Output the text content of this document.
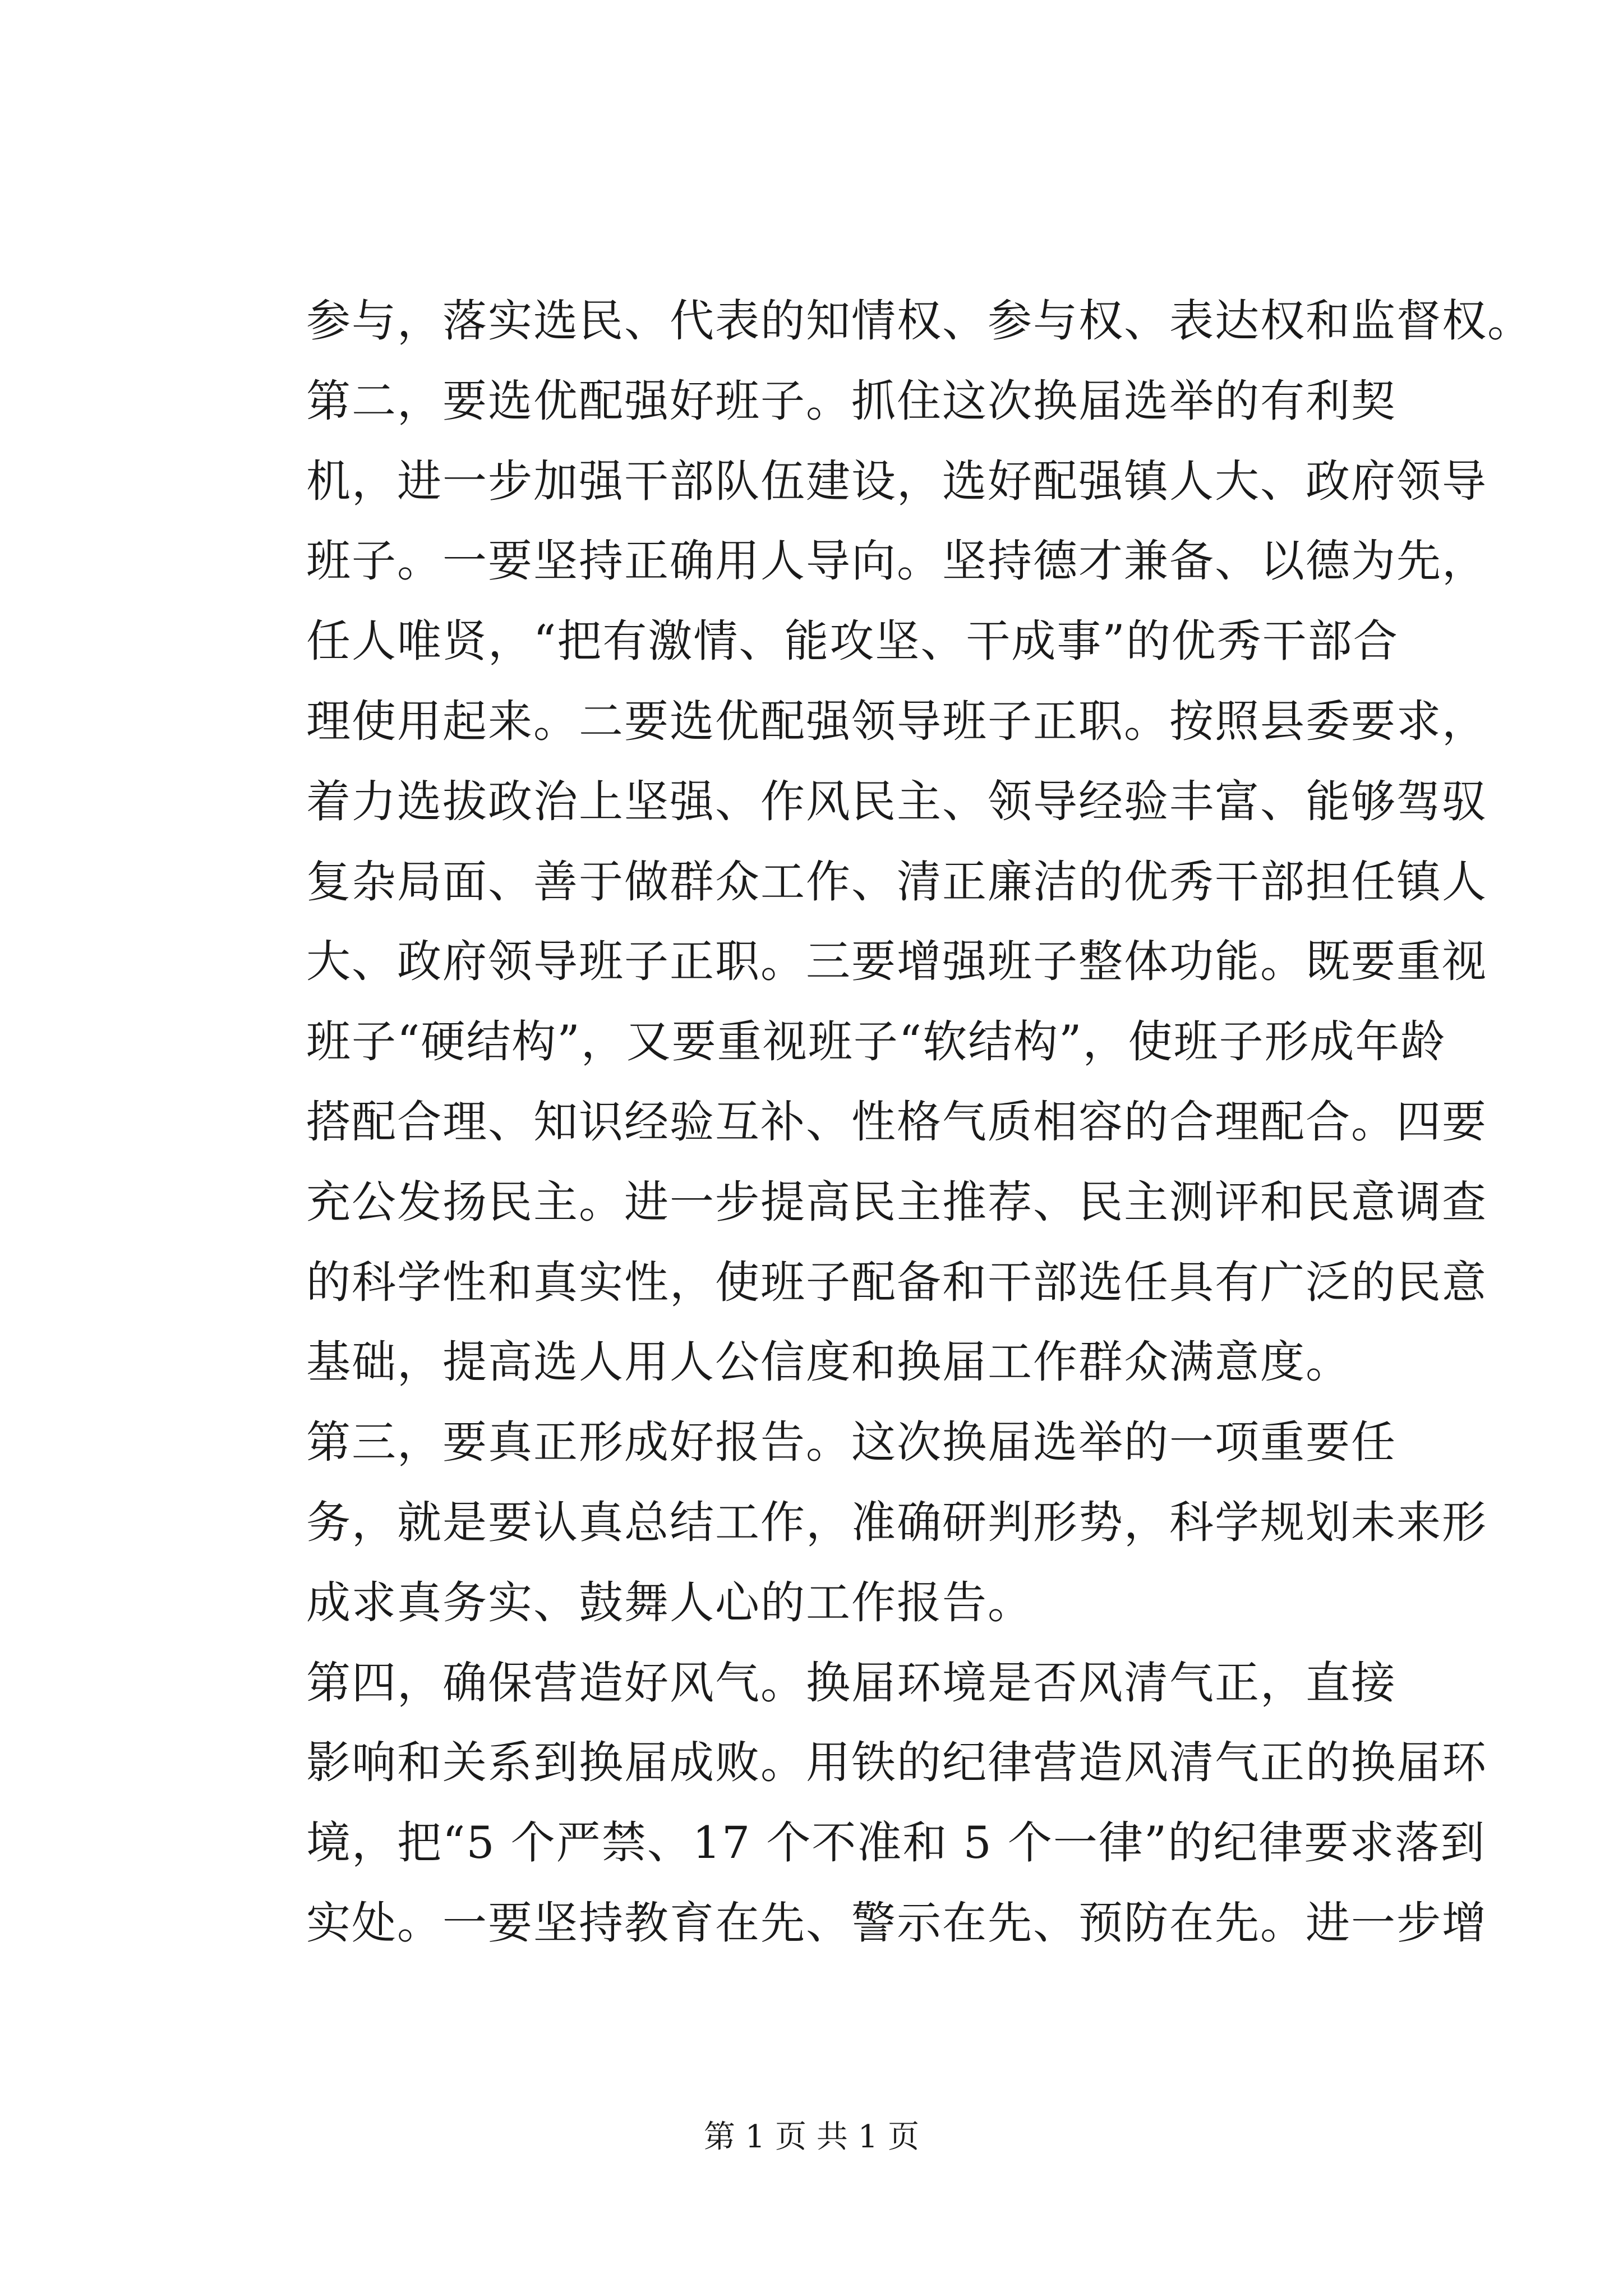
参与，落实选民、代表的知情权、参与权、表达权和监督权。
第二，要选优配强好班子。抓住这次换届选举的有利契
机，进一步加强干部队伍建设，选好配强镇人大、政府领导
班子。一要坚持正确用人导向。坚持德才兼备、以德为先，
任人唯贤，“把有激情、能攻坚、干成事”的优秀干部合
理使用起来。二要选优配强领导班子正职。按照县委要求，
着力选拔政治上坚强、作风民主、领导经验丰富、能够驾驭
复杂局面、善于做群众工作、清正廉洁的优秀干部担任镇人
大、政府领导班子正职。三要增强班子整体功能。既要重视
班子“硬结构”，又要重视班子“软结构”，使班子形成年龄
搭配合理、知识经验互补、性格气质相容的合理配合。四要
充公发扬民主。进一步提高民主推荐、民主测评和民意调查
的科学性和真实性，使班子配备和干部选任具有广泛的民意
基础，提高选人用人公信度和换届工作群众满意度。
第三，要真正形成好报告。这次换届选举的一项重要任
务，就是要认真总结工作，准确研判形势，科学规划未来形
成求真务实、鼓舞人心的工作报告。
第四，确保营造好风气。换届环境是否风清气正，直接
影响和关系到换届成败。用铁的纪律营造风清气正的换届环
境，把“5 个严禁、17 个不准和 5 个一律”的纪律要求落到
实处。一要坚持教育在先、警示在先、预防在先。进一步增
第 1 页 共 1 页
